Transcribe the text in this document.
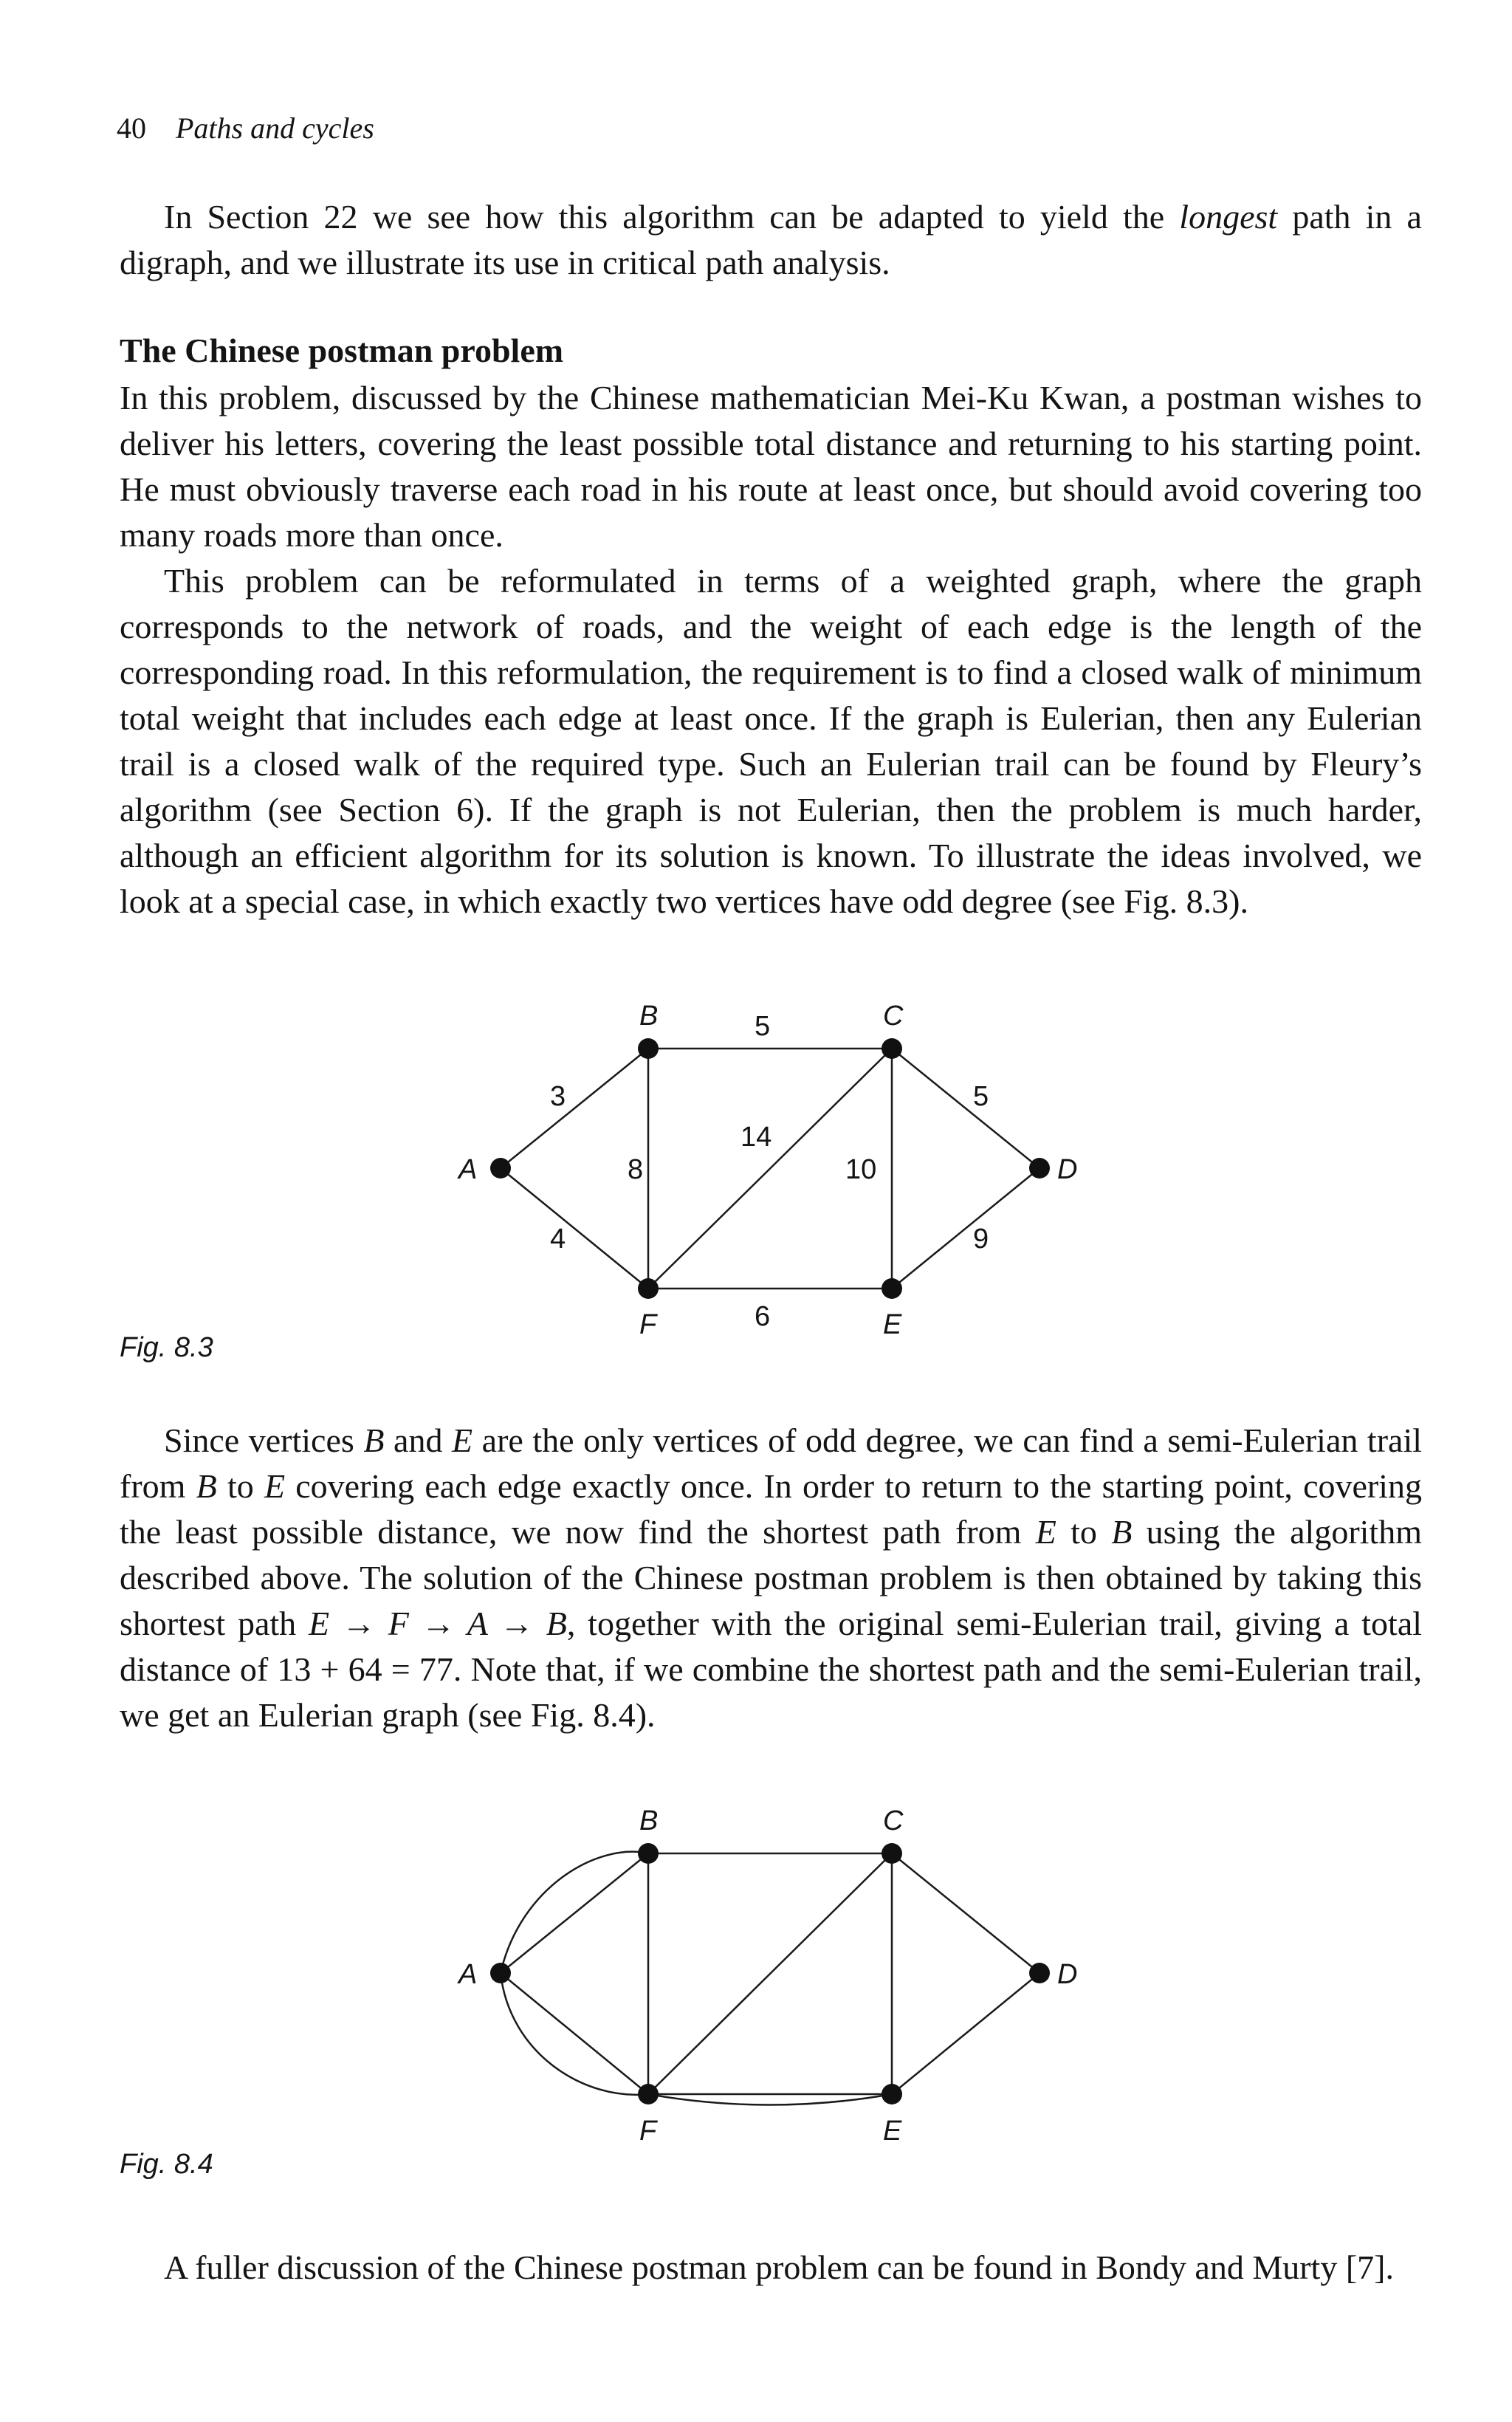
40 Paths and cycles

In Section 22 we see how this algorithm can be adapted to yield the longest path in a digraph, and we illustrate its use in critical path analysis.

The Chinese postman problem

In this problem, discussed by the Chinese mathematician Mei-Ku Kwan, a postman wishes to deliver his letters, covering the least possible total distance and returning to his starting point. He must obviously traverse each road in his route at least once, but should avoid covering too many roads more than once.

This problem can be reformulated in terms of a weighted graph, where the graph corresponds to the network of roads, and the weight of each edge is the length of the corresponding road. In this reformulation, the requirement is to find a closed walk of minimum total weight that includes each edge at least once. If the graph is Eulerian, then any Eulerian trail is a closed walk of the required type. Such an Eulerian trail can be found by Fleury’s algorithm (see Section 6). If the graph is not Eulerian, then the problem is much harder, although an efficient algorithm for its solution is known. To illustrate the ideas involved, we look at a special case, in which exactly two vertices have odd degree (see Fig. 8.3).

A
B	C
D
E
F
3
4
5
8
14
10
5
9
6
Fig. 8.3

Since vertices B and E are the only vertices of odd degree, we can find a semi-Eulerian trail from B to E covering each edge exactly once. In order to return to the starting point, covering the least possible distance, we now find the shortest path from E to B using the algorithm described above. The solution of the Chinese postman problem is then obtained by taking this shortest path E → F → A → B, together with the original semi-Eulerian trail, giving a total distance of 13 + 64 = 77. Note that, if we combine the shortest path and the semi-Eulerian trail, we get an Eulerian graph (see Fig. 8.4).

A
B	C
D
E
F
Fig. 8.4

A fuller discussion of the Chinese postman problem can be found in Bondy and Murty [7].
